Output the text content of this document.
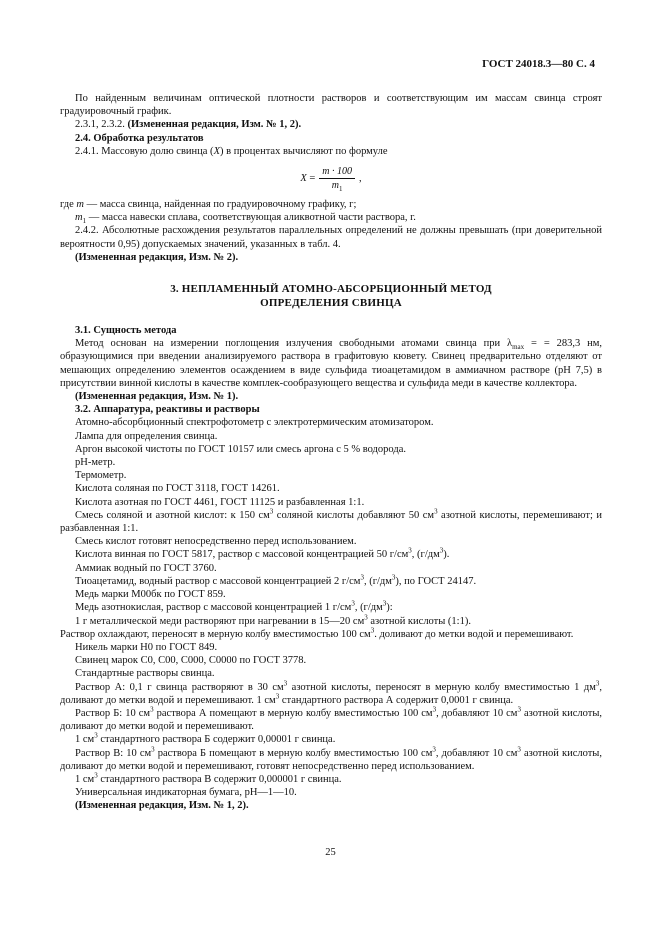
ГОСТ 24018.3—80 С. 4

По найденным величинам оптической плотности растворов и соответствующим им массам свинца строят градуировочный график.

2.3.1, 2.3.2. (Измененная редакция, Изм. № 1, 2).

2.4. Обработка результатов

2.4.1. Массовую долю свинца (X) в процентах вычисляют по формуле

X
= $\frac{m \cdot 100}{m_1}$ ,

где m — масса свинца, найденная по градуировочному графику, г;

$m_1$ — масса навески сплава, соответствующая аликвотной части раствора, г.

2.4.2. Абсолютные расхождения результатов параллельных определений не должны превышать (при доверительной вероятности 0,95) допускаемых значений, указанных в табл. 4.

(Измененная редакция, Изм. № 2).

3. НЕПЛАМЕННЫЙ АТОМНО-АБСОРБЦИОННЫЙ МЕТОД
ОПРЕДЕЛЕНИЯ СВИНЦА

3.1. Сущность метода

Метод основан на измерении поглощения излучения свободными атомами свинца при $\lambda_{max}$ = = 283,3 нм, образующимися при введении анализируемого раствора в графитовую кювету. Свинец предварительно отделяют от мешающих определению элементов осаждением в виде сульфида тиоацетамидом в аммиачном растворе (рН 7,5) в присутствии винной кислоты в качестве комплек-сообразующего вещества и сульфида меди в качестве коллектора.

(Измененная редакция, Изм. № 1).

3.2. Аппаратура, реактивы и растворы

Атомно-абсорбционный спектрофотометр с электротермическим атомизатором.

Лампа для определения свинца.

Аргон высокой чистоты по ГОСТ 10157 или смесь аргона с 5 % водорода.

рН-метр.

Термометр.

Кислота соляная по ГОСТ 3118, ГОСТ 14261.

Кислота азотная по ГОСТ 4461, ГОСТ 11125 и разбавленная 1:1.

Смесь соляной и азотной кислот: к 150 $см^3$ соляной кислоты добавляют 50 $см^3$ азотной кислоты, перемешивают; и разбавленная 1:1.

Смесь кислот готовят непосредственно перед использованием.

Кислота винная по ГОСТ 5817, раствор с массовой концентрацией 50 $г/см^3$, $(г/дм^3)$.

Аммиак водный по ГОСТ 3760.

Тиоацетамид, водный раствор с массовой концентрацией 2 $г/см^3$, $(г/дм^3)$, по ГОСТ 24147.

Медь марки М00бк по ГОСТ 859.

Медь азотнокислая, раствор с массовой концентрацией 1 $г/см^3$, $(г/дм^3)$:

1 г металлической меди растворяют при нагревании в 15—20 $см^3$ азотной кислоты (1:1).

Раствор охлаждают, переносят в мерную колбу вместимостью 100 $см^3$. доливают до метки водой и перемешивают.

Никель марки Н0 по ГОСТ 849.

Свинец марок С0, С00, С000, С0000 по ГОСТ 3778.

Стандартные растворы свинца.

Раствор А: 0,1 г свинца растворяют в 30 $см^3$ азотной кислоты, переносят в мерную колбу вместимостью 1 $дм^3$, доливают до метки водой и перемешивают. 1 $см^3$ стандартного раствора А содержит 0,0001 г свинца.

Раствор Б: 10 $см^3$ раствора А помещают в мерную колбу вместимостью 100 $см^3$, добавляют 10 $см^3$ азотной кислоты, доливают до метки водой и перемешивают.

1 $см^3$ стандартного раствора Б содержит 0,00001 г свинца.

Раствор В: 10 $см^3$ раствора Б помещают в мерную колбу вместимостью 100 $см^3$, добавляют 10 $см^3$ азотной кислоты, доливают до метки водой и перемешивают, готовят непосредственно перед использованием.

1 $см^3$ стандартного раствора В содержит 0,000001 г свинца.

Универсальная индикаторная бумага, рН—1—10.

(Измененная редакция, Изм. № 1, 2).

25
